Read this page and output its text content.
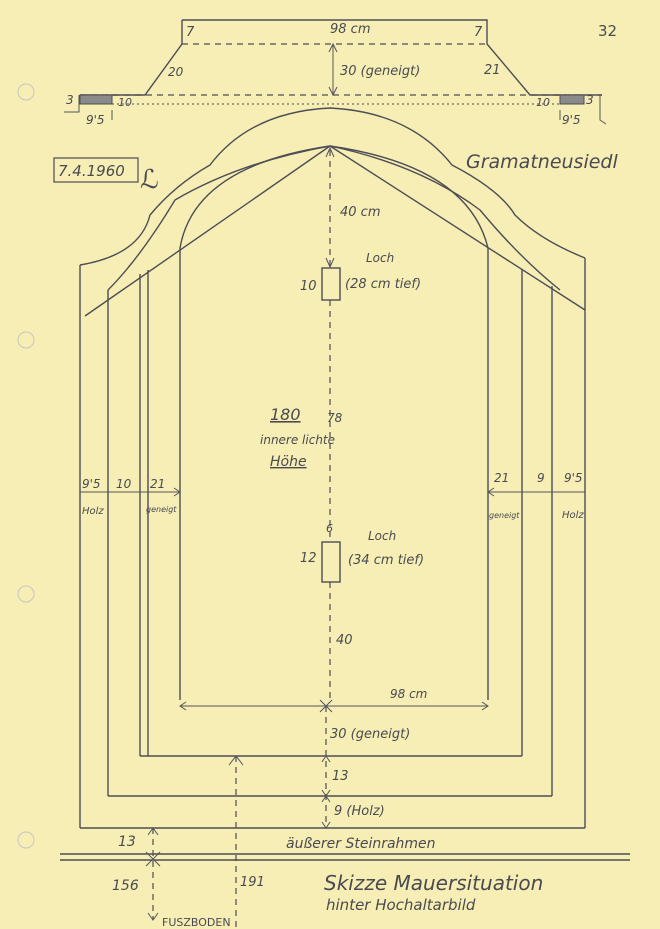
98 cm
7	7
20	21
30 (geneigt)
3	10
9'5
3
10
9'5
32
7.4.1960 ℒ
Gramatneusiedl
40 cm
Loch
10 (28 cm tief)
180 78
innere lichte
Höhe
9'5 10 21
Holz	geneigt
21 9 9'5
geneigt	Holz
6
Loch
12 (34 cm tief)
40
98 cm
30 (geneigt)
13
9 (Holz)
äußerer Steinrahmen
13
156	191
FUSZBODEN
Skizze Mauersituation
hinter Hochaltarbild
